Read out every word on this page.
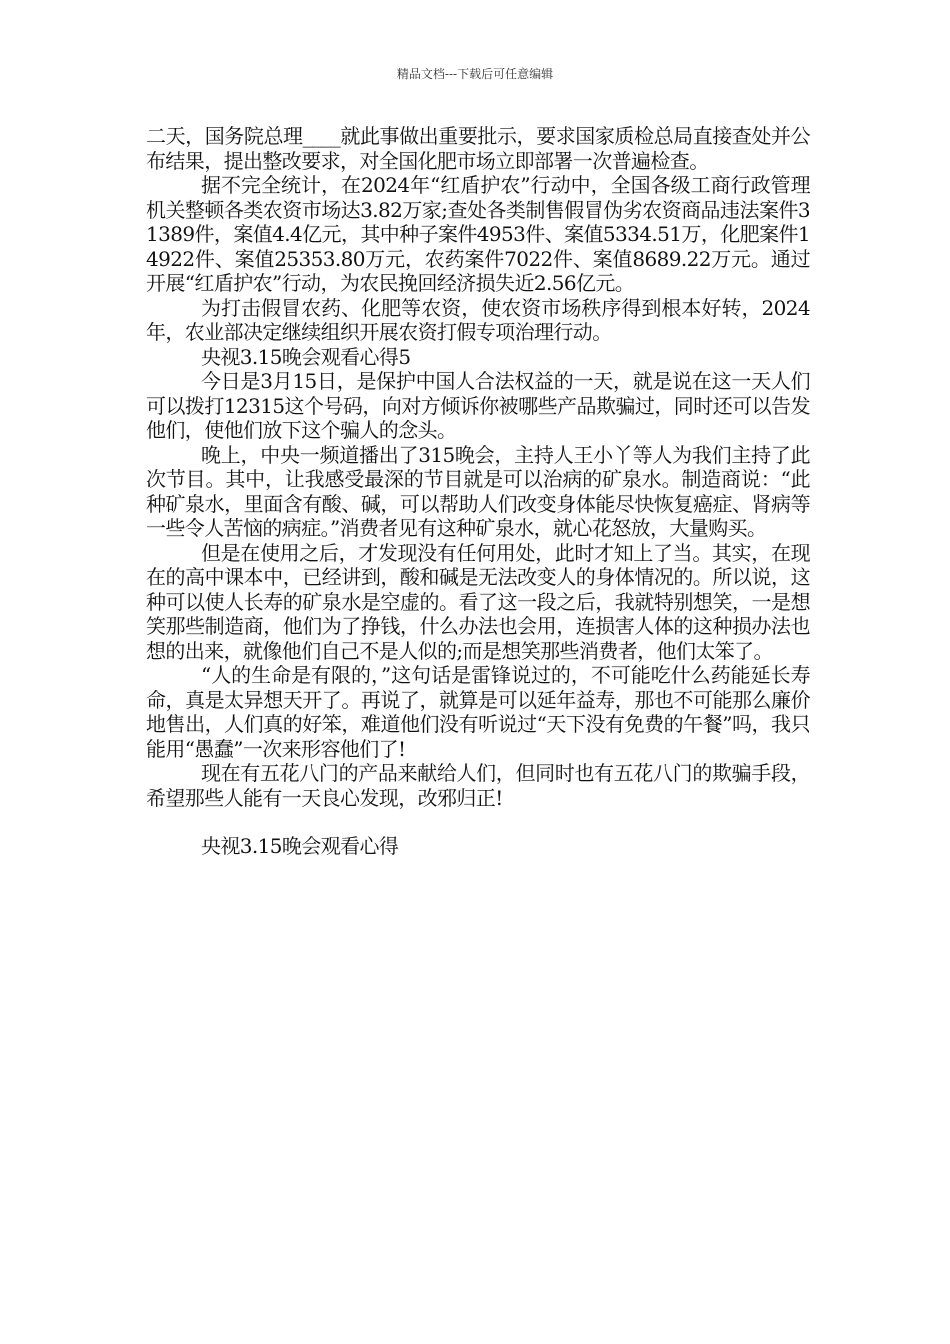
精品文档---下载后可任意编辑

二天，国务院总理____就此事做出重要批示，要求国家质检总局直接查处并公布结果，提出整改要求，对全国化肥市场立即部署一次普遍检查。

据不完全统计，在2024年“红盾护农”行动中，全国各级工商行政管理机关整顿各类农资市场达3.82万家;查处各类制售假冒伪劣农资商品违法案件31389件，案值4.4亿元，其中种子案件4953件、案值5334.51万，化肥案件14922件、案值25353.80万元，农药案件7022件、案值8689.22万元。通过开展“红盾护农”行动，为农民挽回经济损失近2.56亿元。

为打击假冒农药、化肥等农资，使农资市场秩序得到根本好转，2024年，农业部决定继续组织开展农资打假专项治理行动。

央视3.15晚会观看心得5

今日是3月15日，是保护中国人合法权益的一天，就是说在这一天人们可以拨打12315这个号码，向对方倾诉你被哪些产品欺骗过，同时还可以告发他们，使他们放下这个骗人的念头。

晚上，中央一频道播出了315晚会，主持人王小丫等人为我们主持了此次节目。其中，让我感受最深的节目就是可以治病的矿泉水。制造商说：“此种矿泉水，里面含有酸、碱，可以帮助人们改变身体能尽快恢复癌症、肾病等一些令人苦恼的病症。”消费者见有这种矿泉水，就心花怒放，大量购买。

但是在使用之后，才发现没有任何用处，此时才知上了当。其实，在现在的高中课本中，已经讲到，酸和碱是无法改变人的身体情况的。所以说，这种可以使人长寿的矿泉水是空虚的。看了这一段之后，我就特别想笑，一是想笑那些制造商，他们为了挣钱，什么办法也会用，连损害人体的这种损办法也想的出来，就像他们自己不是人似的;而是想笑那些消费者，他们太笨了。

“人的生命是有限的，”这句话是雷锋说过的，不可能吃什么药能延长寿命，真是太异想天开了。再说了，就算是可以延年益寿，那也不可能那么廉价地售出，人们真的好笨，难道他们没有听说过“天下没有免费的午餐”吗，我只能用“愚蠢”一次来形容他们了!

现在有五花八门的产品来献给人们，但同时也有五花八门的欺骗手段，希望那些人能有一天良心发现，改邪归正!

央视3.15晚会观看心得
